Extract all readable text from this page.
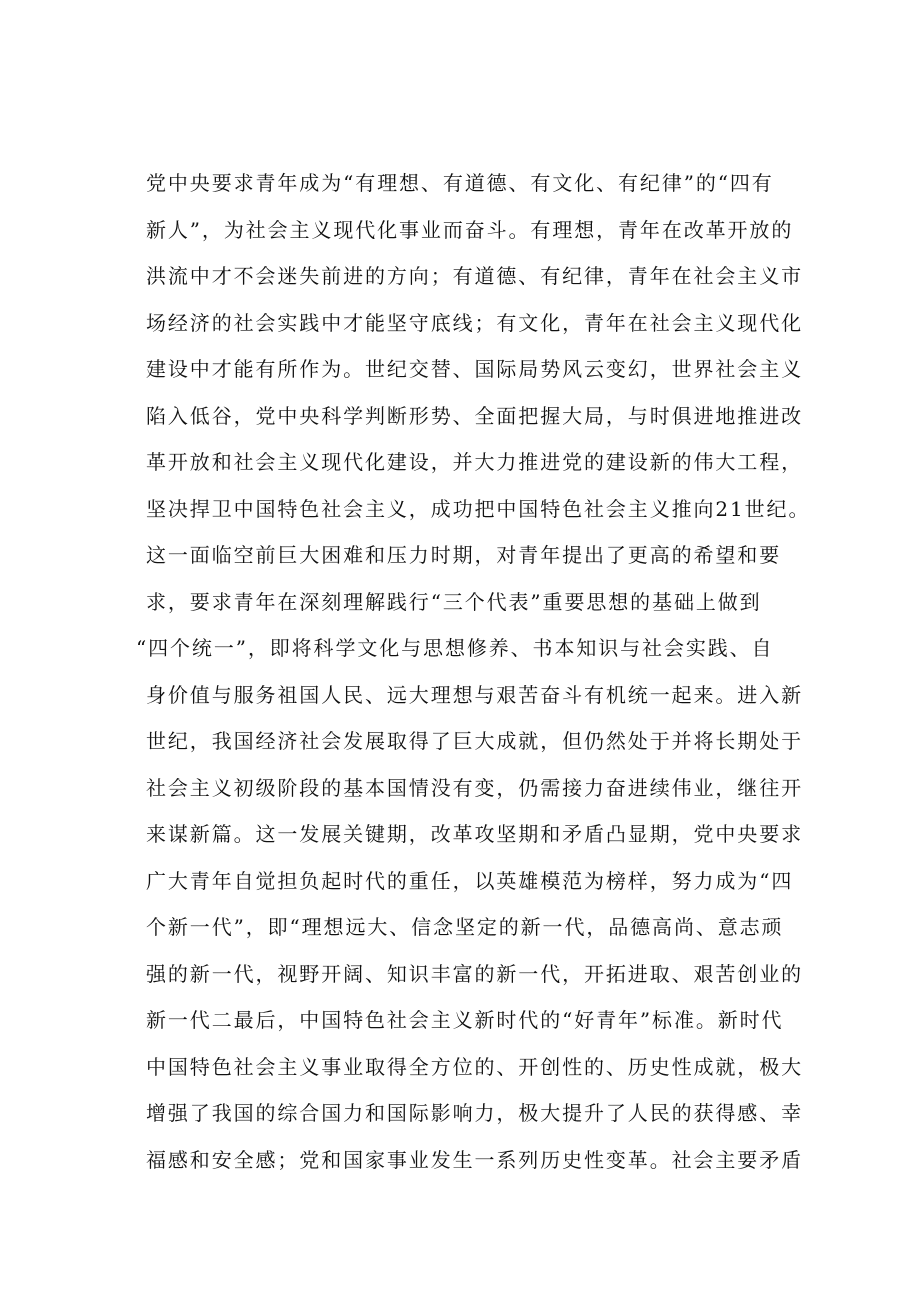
党中央要求青年成为“有理想、有道德、有文化、有纪律”的“四有
新人”，为社会主义现代化事业而奋斗。有理想，青年在改革开放的
洪流中才不会迷失前进的方向；有道德、有纪律，青年在社会主义市
场经济的社会实践中才能坚守底线；有文化，青年在社会主义现代化
建设中才能有所作为。世纪交替、国际局势风云变幻，世界社会主义
陷入低谷，党中央科学判断形势、全面把握大局，与时俱进地推进改
革开放和社会主义现代化建设，并大力推进党的建设新的伟大工程，
坚决捍卫中国特色社会主义，成功把中国特色社会主义推向21世纪。
这一面临空前巨大困难和压力时期，对青年提出了更高的希望和要
求，要求青年在深刻理解践行“三个代表”重要思想的基础上做到
“四个统一”，即将科学文化与思想修养、书本知识与社会实践、自
身价值与服务祖国人民、远大理想与艰苦奋斗有机统一起来。进入新
世纪，我国经济社会发展取得了巨大成就，但仍然处于并将长期处于
社会主义初级阶段的基本国情没有变，仍需接力奋进续伟业，继往开
来谋新篇。这一发展关键期，改革攻坚期和矛盾凸显期，党中央要求
广大青年自觉担负起时代的重任，以英雄模范为榜样，努力成为“四
个新一代”，即“理想远大、信念坚定的新一代，品德高尚、意志顽
强的新一代，视野开阔、知识丰富的新一代，开拓进取、艰苦创业的
新一代二最后，中国特色社会主义新时代的“好青年”标准。新时代
中国特色社会主义事业取得全方位的、开创性的、历史性成就，极大
增强了我国的综合国力和国际影响力，极大提升了人民的获得感、幸
福感和安全感；党和国家事业发生一系列历史性变革。社会主要矛盾
